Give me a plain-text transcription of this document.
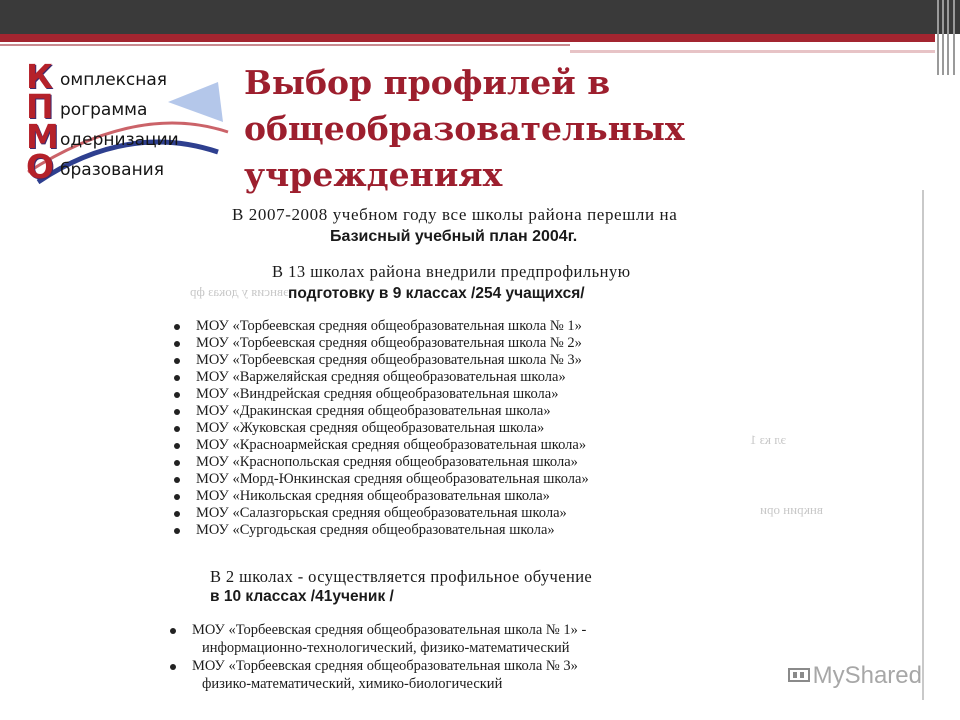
К омплексная
П рограмма
М одернизации
О бразования
Выбор профилей в общеобразовательных учреждениях
эвнсия у доказ фр
эл кз 1
внкрин ори
В 2007-2008 учебном году все школы района перешли на
Базисный учебный план 2004г.
В 13 школах района внедрили предпрофильную
подготовку в 9 классах /254 учащихся/
МОУ «Торбеевская средняя общеобразовательная школа № 1»
МОУ «Торбеевская средняя общеобразовательная школа № 2»
МОУ «Торбеевская средняя общеобразовательная школа № 3»
МОУ «Варжеляйская средняя общеобразовательная школа»
МОУ «Виндрейская средняя общеобразовательная школа»
МОУ «Дракинская средняя общеобразовательная школа»
МОУ «Жуковская средняя общеобразовательная школа»
МОУ «Красноармейская средняя общеобразовательная школа»
МОУ «Краснопольская средняя общеобразовательная школа»
МОУ «Морд-Юнкинская средняя общеобразовательная школа»
МОУ «Никольская средняя общеобразовательная школа»
МОУ «Салазгорьская средняя общеобразовательная школа»
МОУ «Сургодьская средняя общеобразовательная школа»
В 2 школах - осуществляется профильное обучение
в 10 классах /41ученик /
МОУ «Торбеевская средняя общеобразовательная школа № 1» -
информационно-технологический, физико-математический
МОУ «Торбеевская средняя общеобразовательная школа № 3»
физико-математический, химико-биологический	MyShared
